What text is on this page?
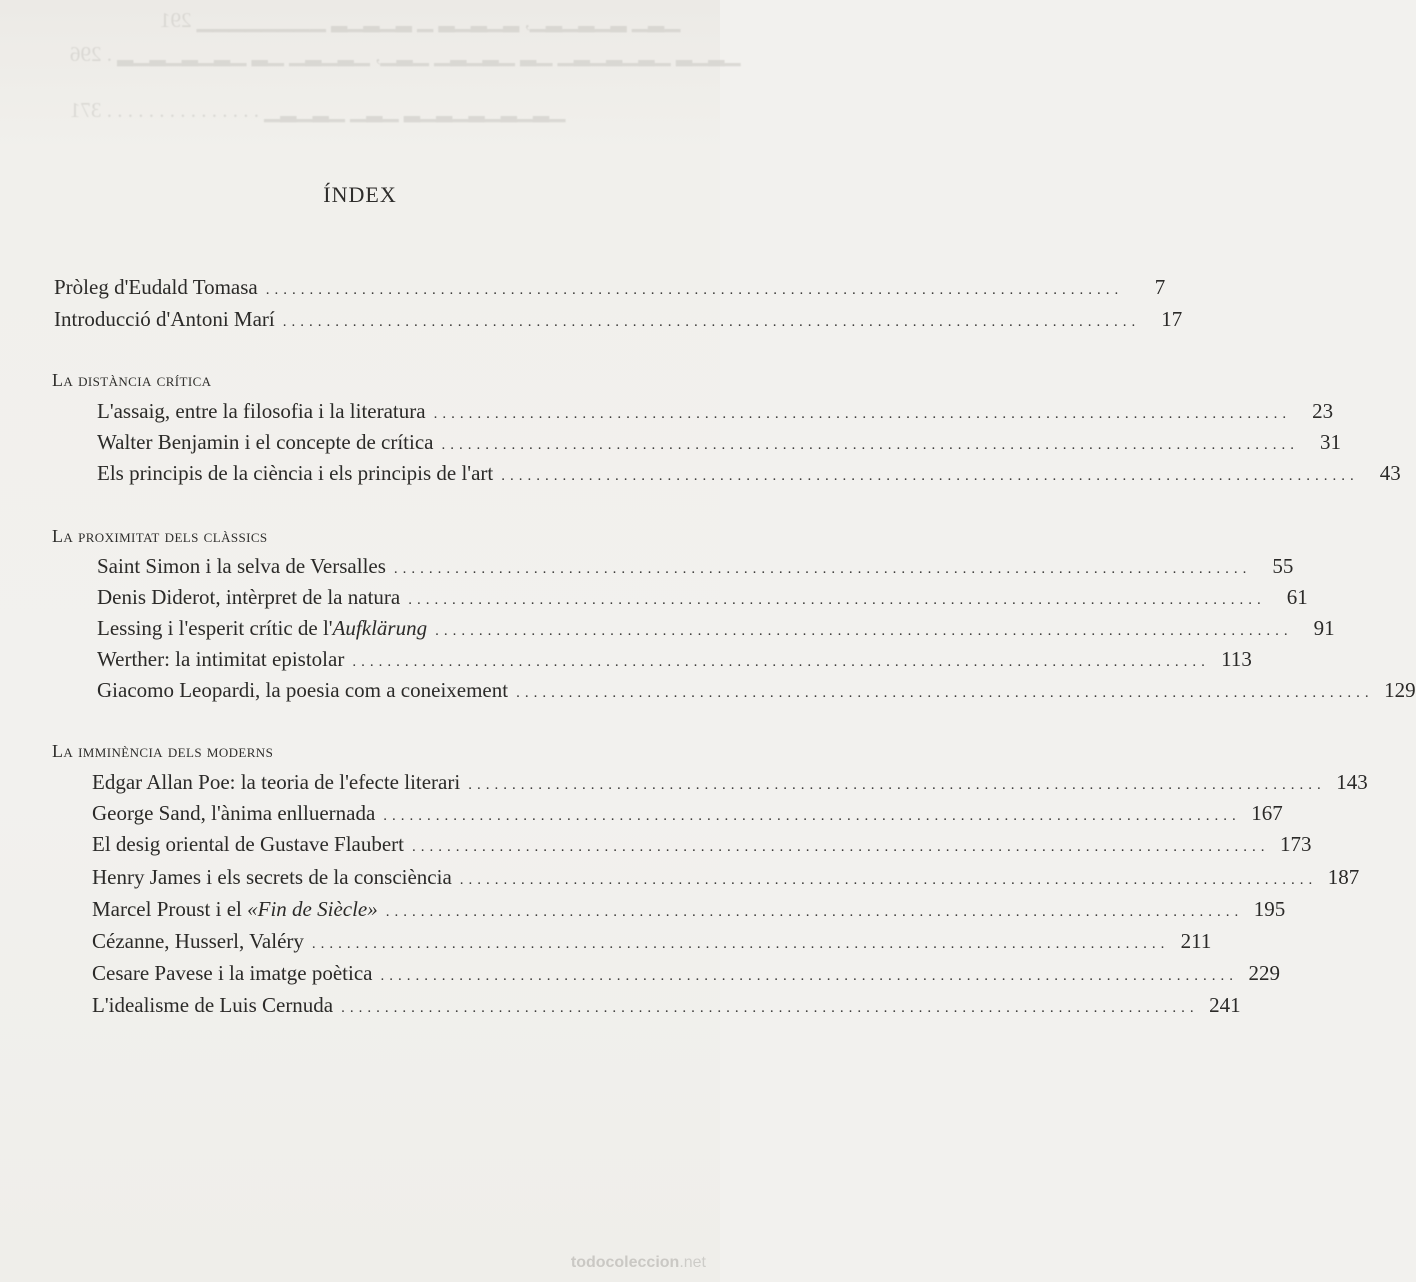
▁▂▁ ▂▁▂▁▂▁, ▂▁▂▁▂ ▁ ▂▁▂▁▂ ▁▁▁▁▁▁▁▁ 291
▁▂▁▂ ▁▂▁▂▁▂▁ ▁▂ ▁▂▁▂▁ ▁▂▁, ▁▂▁▂▁ ▁▂ ▁▂▁▂▁▂▁▂ . 296
▁▂▁▂▁▂▁▂▁▂ ▁▂▁ ▁▂▁▂▁ . . . . . . . . . . . . . . . 371
ÍNDEX
Pròleg d'Eudald Tomasa ..................................................................................................	7
Introducció d'Antoni Marí ..................................................................................................	17
La distància crítica
L'assaig, entre la filosofia i la literatura ..................................................................................................	23
Walter Benjamin i el concepte de crítica ..................................................................................................	31
Els principis de la ciència i els principis de l'art ..................................................................................................	43
La proximitat dels clàssics
Saint Simon i la selva de Versalles ..................................................................................................	55
Denis Diderot, intèrpret de la natura ..................................................................................................	61
Lessing i l'esperit crític de l'Aufklärung ..................................................................................................	91
Werther: la intimitat epistolar .................................................................................................. 113
Giacomo Leopardi, la poesia com a coneixement .................................................................................................. 129
La imminència dels moderns
Edgar Allan Poe: la teoria de l'efecte literari .................................................................................................. 143
George Sand, l'ànima enlluernada .................................................................................................. 167
El desig oriental de Gustave Flaubert .................................................................................................. 173
Henry James i els secrets de la consciència .................................................................................................. 187
Marcel Proust i el «Fin de Siècle» .................................................................................................. 195
Cézanne, Husserl, Valéry .................................................................................................. 211
Cesare Pavese i la imatge poètica .................................................................................................. 229
L'idealisme de Luis Cernuda .................................................................................................. 241
todocoleccion.net
